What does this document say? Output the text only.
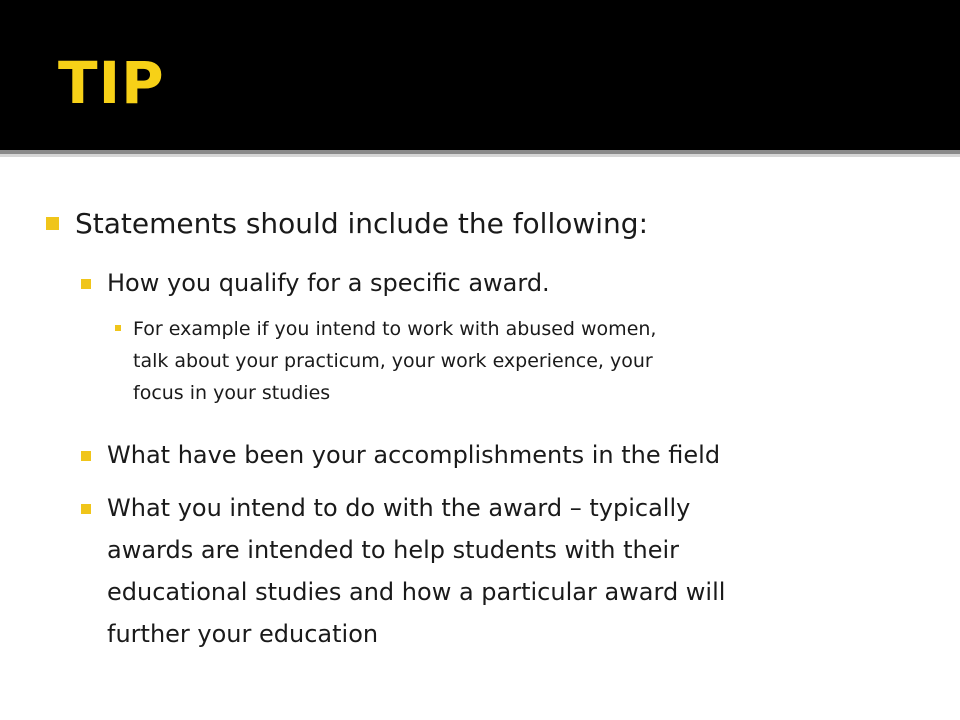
TIP
Statements should include the following:
How you qualify for a specific award.
For example if you intend to work with abused women,
talk about your practicum, your work experience, your
focus in your studies
What have been your accomplishments in the field
What you intend to do with the award – typically
awards are intended to help students with their
educational studies and how a particular award will
further your education
